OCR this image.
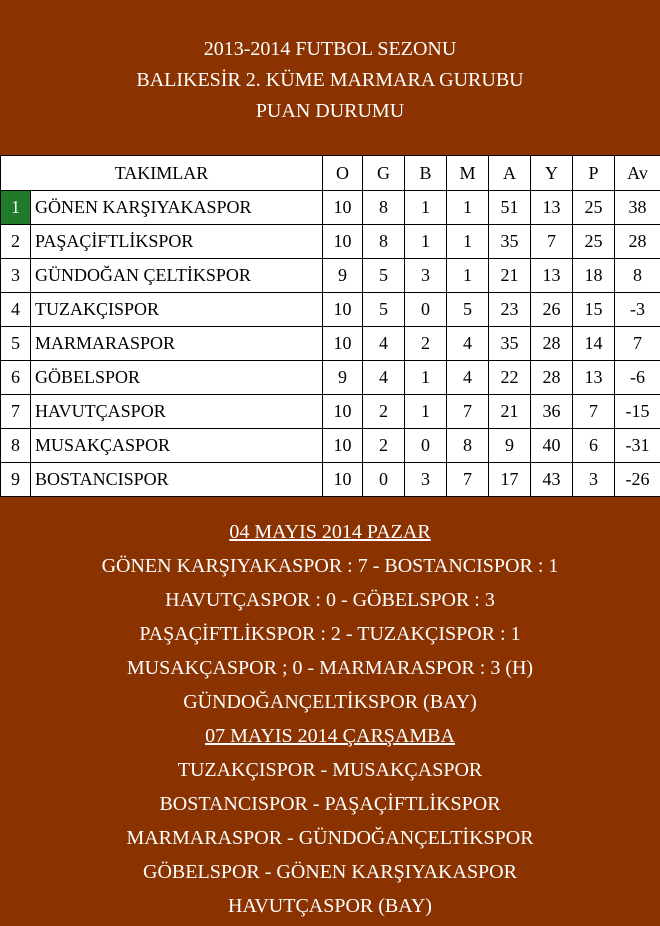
2013-2014 FUTBOL SEZONU
BALIKESİR 2. KÜME MARMARA GURUBU
PUAN DURUMU
TAKIMLAR		O	G	B	M	A	Y	P	Av
1	GÖNEN KARŞIYAKASPOR	10	8	1	1	51	13	25	38
2	PAŞAÇİFTLİKSPOR	10	8	1	1	35	7	25	28
3	GÜNDOĞAN ÇELTİKSPOR	9	5	3	1	21	13	18	8
4	TUZAKÇISPOR	10	5	0	5	23	26	15	-3
5	MARMARASPOR	10	4	2	4	35	28	14	7
6	GÖBELSPOR	9	4	1	4	22	28	13	-6
7	HAVUTÇASPOR	10	2	1	7	21	36	7	-15
8	MUSAKÇASPOR	10	2	0	8	9	40	6	-31
9	BOSTANCISPOR	10	0	3	7	17	43	3	-26
04 MAYIS 2014 PAZAR
GÖNEN KARŞIYAKASPOR : 7 - BOSTANCISPOR : 1
HAVUTÇASPOR : 0 - GÖBELSPOR : 3
PAŞAÇİFTLİKSPOR : 2 - TUZAKÇISPOR : 1
MUSAKÇASPOR ; 0 - MARMARASPOR : 3 (H)
GÜNDOĞANÇELTİKSPOR (BAY)
07 MAYIS 2014 ÇARŞAMBA
TUZAKÇISPOR - MUSAKÇASPOR
BOSTANCISPOR - PAŞAÇİFTLİKSPOR
MARMARASPOR - GÜNDOĞANÇELTİKSPOR
GÖBELSPOR - GÖNEN KARŞIYAKASPOR
HAVUTÇASPOR (BAY)
